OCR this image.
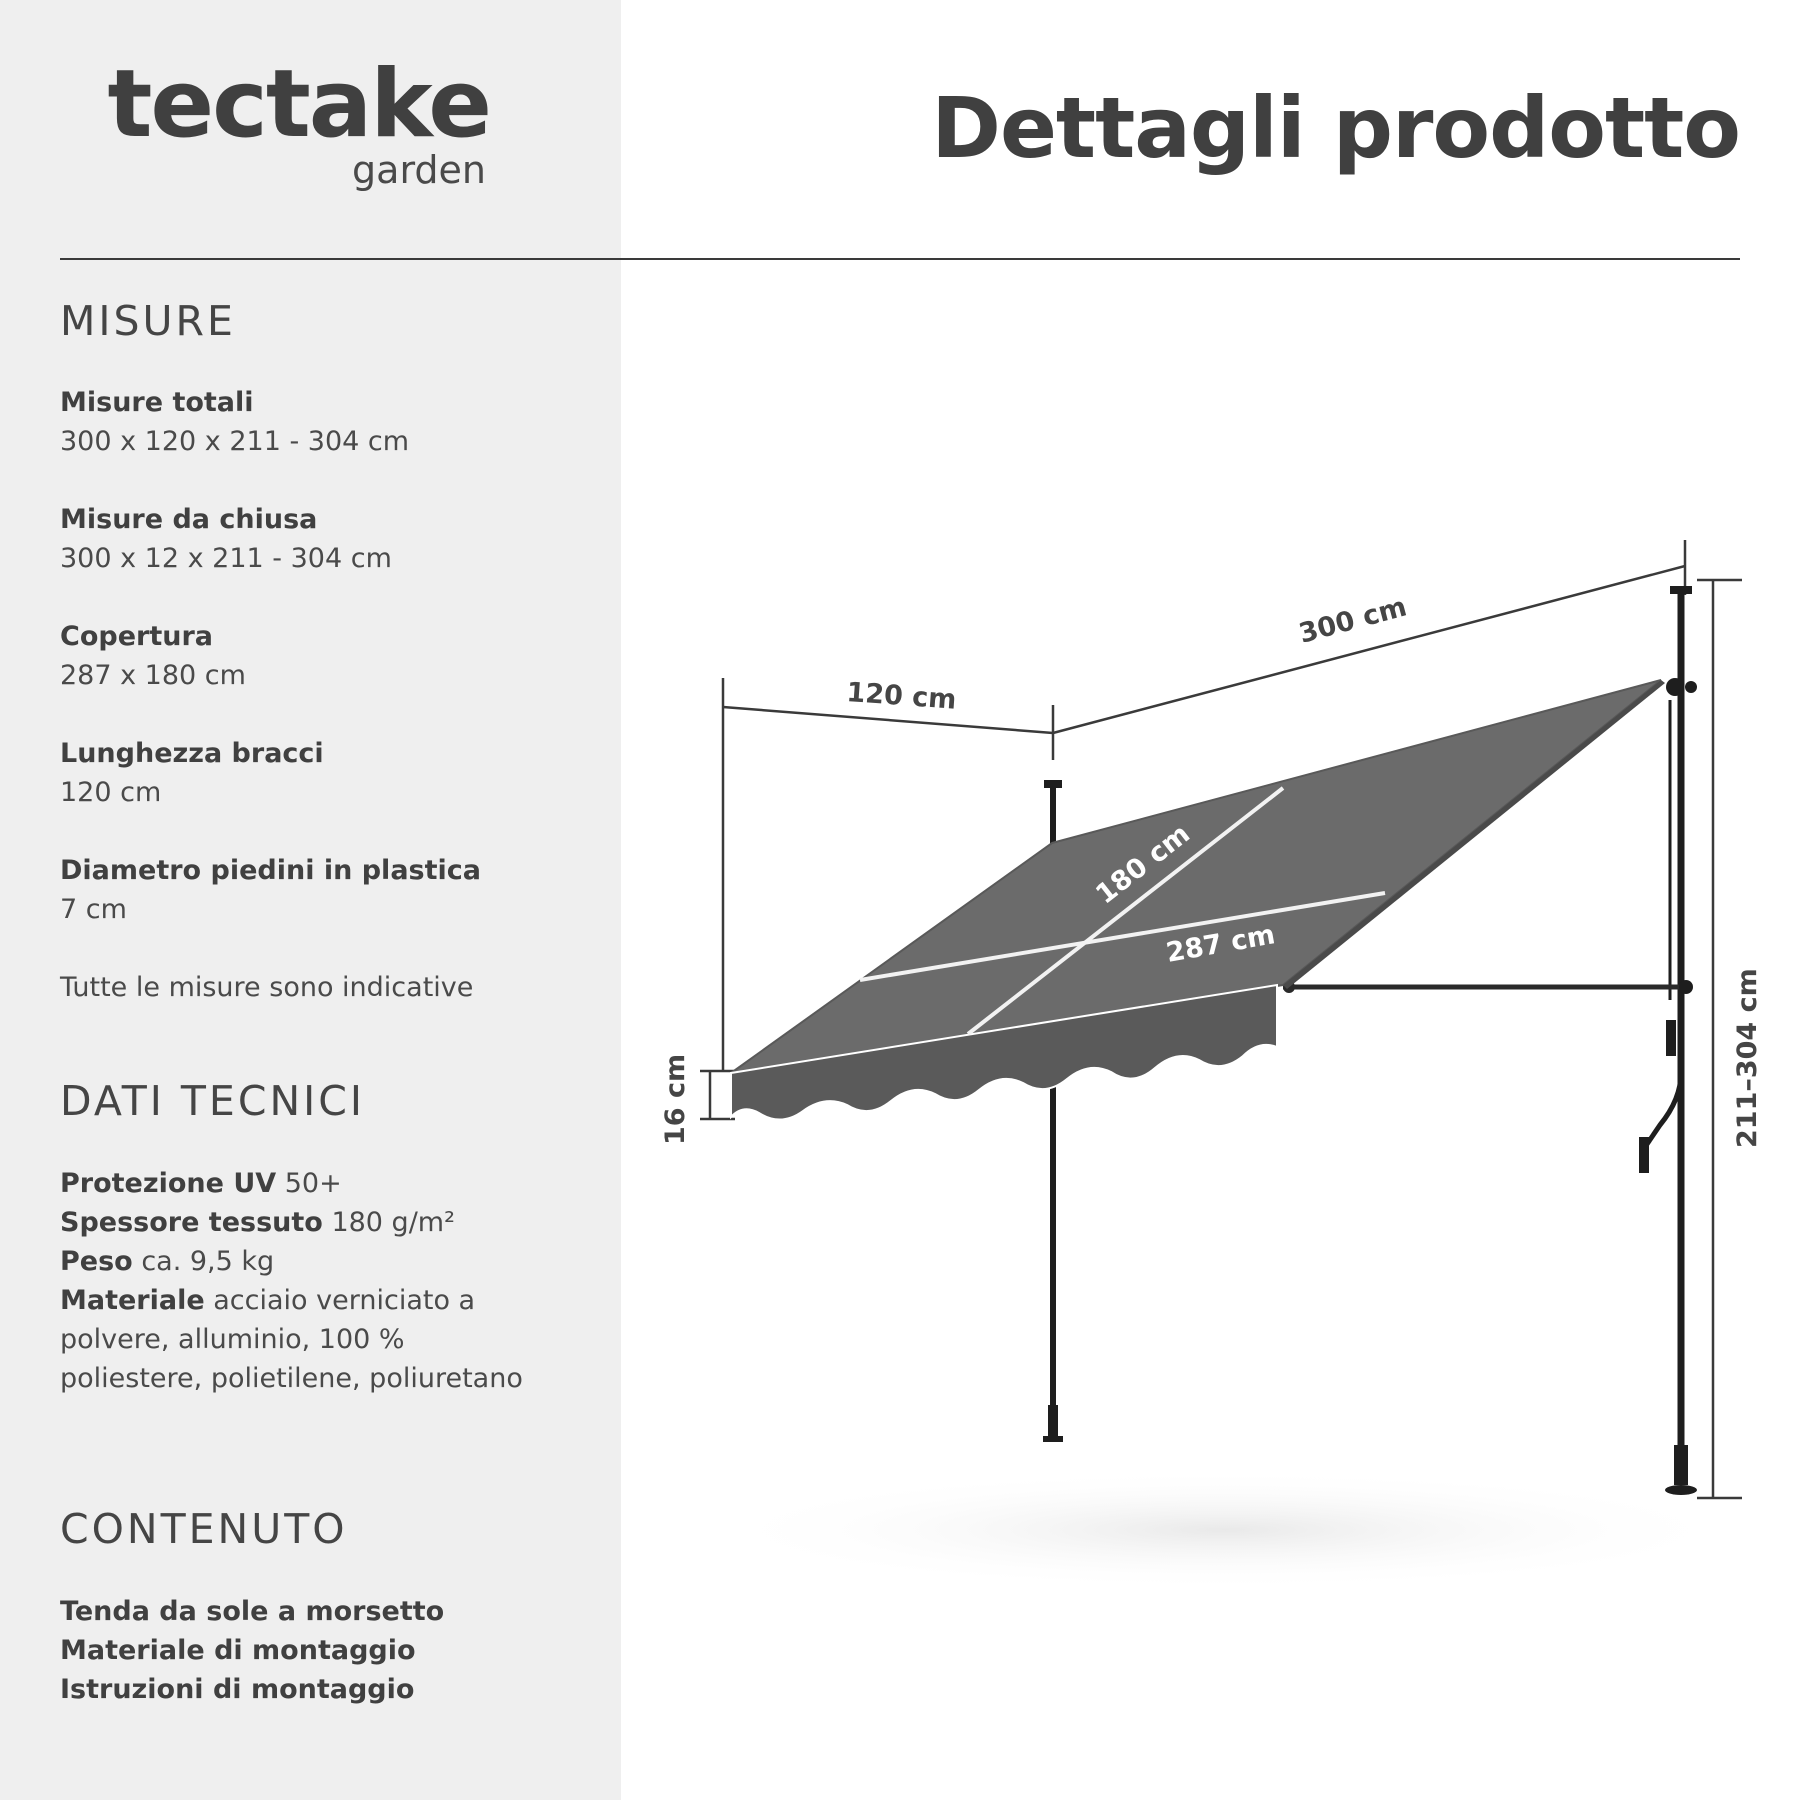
tectake
garden	Dettagli prodotto
MISURE
Misure totali
300 x 120 x 211 - 304 cm
Misure da chiusa
300 x 12 x 211 - 304 cm
Copertura
287 x 180 cm
Lunghezza bracci
120 cm
Diametro piedini in plastica
7 cm
Tutte le misure sono indicative
DATI TECNICI
Protezione UV 50+
Spessore tessuto 180 g/m²
Peso ca. 9,5 kg
Materiale acciaio verniciato a polvere, alluminio, 100 % poliestere, polietilene, poliuretano
CONTENUTO
Tenda da sole a morsetto
Materiale di montaggio
Istruzioni di montaggio
300 cm
120 cm
180 cm
287 cm
16 cm	211–304 cm
